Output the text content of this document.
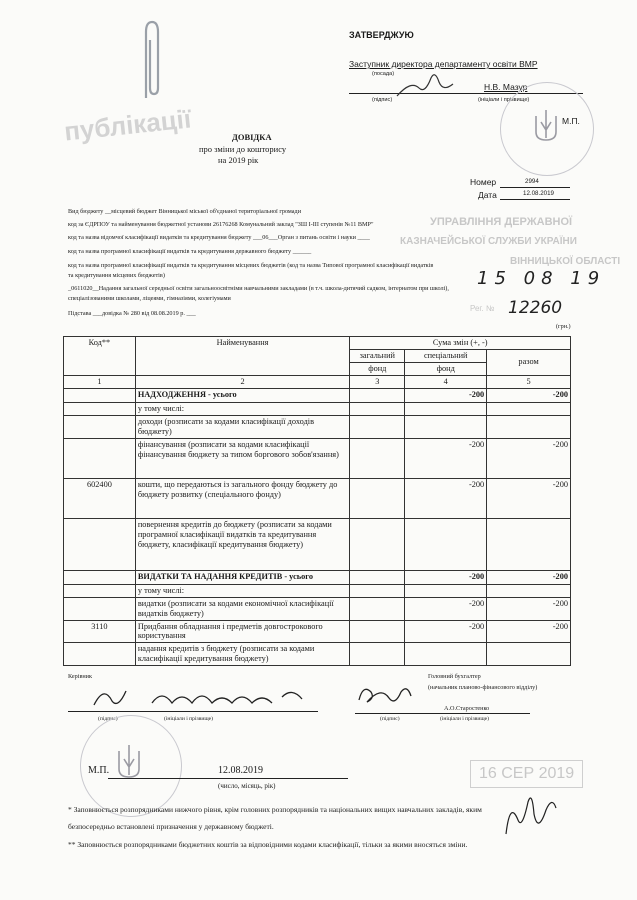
публікації
УПРАВЛІННЯ ДЕРЖАВНОЇ
КАЗНАЧЕЙСЬКОЇ СЛУЖБИ УКРАЇНИ
ВІННИЦЬКОЇ ОБЛАСТІ
16 СЕР 2019
ЗАТВЕРДЖУЮ
Заступник директора департаменту освіти ВМР
(посада)
Н.В. Мазур
(підпис)	(ініціали і прізвище)
М.П.
ДОВІДКА
про зміни до кошторису
на 2019 рік
Номер	2994
Дата	12.08.2019
Вид бюджету __місцевий бюджет Вінницької міської об'єднаної територіальної громади
код за ЄДРПОУ та найменування бюджетної установи 26176268 Комунальний заклад "ЗШ І-ІІІ ступенів №11 ВМР"
код та назва відомчої класифікації видатків та кредитування бюджету ___06___Орган з питань освіти і науки ____
код та назва програмної класифікації видатків та кредитування державного бюджету ______
код та назва програмної класифікації видатків та кредитування місцевих бюджетів (код та назва Типової програмної класифікації видатків
та кредитування місцевих бюджетів)
_0611020__Надання загальної середньої освіти загальноосвітніми навчальними закладами (в т.ч. школа-дитячий садком, інтернатом при школі),
спеціалізованими школами, ліцеями, гімназіями, колегіумами
Підстава ___довідка № 280 від 08.08.2019 р. ___
(грн.)
15 08 19
Рег. № 12260
Код**	Найменування	Сума змін (+, -)		
		загальний	спеціальний	разом
		фонд	фонд	
1	2	3	4	5
	НАДХОДЖЕННЯ - усього		-200	-200
	у тому числі:			
	доходи (розписати за кодами класифікації доходів бюджету)			
	фінансування (розписати за кодами класифікації фінансування бюджету за типом боргового зобов'язання)		-200	-200
602400	кошти, що передаються із загального фонду бюджету до бюджету розвитку (спеціального фонду)		-200	-200
	повернення кредитів до бюджету (розписати за кодами програмної класифікації видатків та кредитування бюджету, класифікації кредитування бюджету)			
	ВИДАТКИ ТА НАДАННЯ КРЕДИТІВ - усього		-200	-200
	у тому числі:			
	видатки (розписати за кодами економічної класифікації видатків бюджету)		-200	-200
3110	Придбання обладнання і предметів довгострокового користування		-200	-200
	надання кредитів з бюджету (розписати за кодами класифікації кредитування бюджету)			
Керівник
(підпис)	(ініціали і прізвище)
Головний бухгалтер
(начальник планово-фінансового відділу)
А.О.Старостенко
(підпис)	(ініціали і прізвище)
М.П.	12.08.2019
(число, місяць, рік)
* Заповнюється розпорядниками нижчого рівня, крім головних розпорядників та національних вищих навчальних закладів, яким
безпосередньо встановлені призначення у державному бюджеті.
** Заповнюється розпорядниками бюджетних коштів за відповідними кодами класифікації, тільки за якими вносяться зміни.
